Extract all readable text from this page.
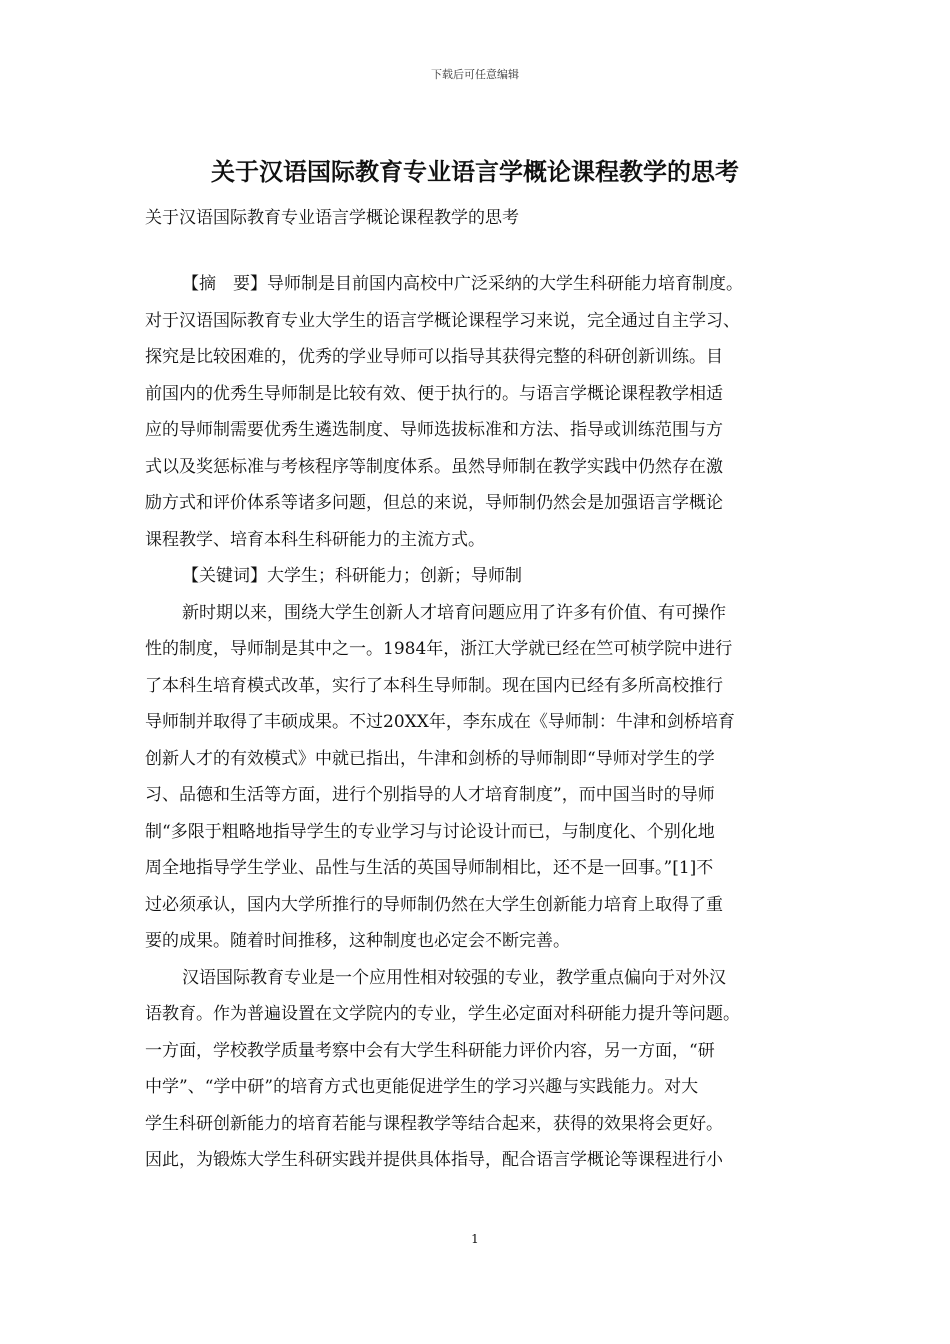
下载后可任意编辑
关于汉语国际教育专业语言学概论课程教学的思考
关于汉语国际教育专业语言学概论课程教学的思考
【摘　要】导师制是目前国内高校中广泛采纳的大学生科研能力培育制度。
对于汉语国际教育专业大学生的语言学概论课程学习来说，完全通过自主学习、
探究是比较困难的，优秀的学业导师可以指导其获得完整的科研创新训练。目
前国内的优秀生导师制是比较有效、便于执行的。与语言学概论课程教学相适
应的导师制需要优秀生遴选制度、导师选拔标准和方法、指导或训练范围与方
式以及奖惩标准与考核程序等制度体系。虽然导师制在教学实践中仍然存在激
励方式和评价体系等诸多问题，但总的来说，导师制仍然会是加强语言学概论
课程教学、培育本科生科研能力的主流方式。
【关键词】大学生；科研能力；创新；导师制
新时期以来，围绕大学生创新人才培育问题应用了许多有价值、有可操作
性的制度，导师制是其中之一。1984年，浙江大学就已经在竺可桢学院中进行
了本科生培育模式改革，实行了本科生导师制。现在国内已经有多所高校推行
导师制并取得了丰硕成果。不过20XX年，李东成在《导师制：牛津和剑桥培育
创新人才的有效模式》中就已指出，牛津和剑桥的导师制即“导师对学生的学
习、品德和生活等方面，进行个别指导的人才培育制度”，而中国当时的导师
制“多限于粗略地指导学生的专业学习与讨论设计而已，与制度化、个别化地
周全地指导学生学业、品性与生活的英国导师制相比，还不是一回事。”[1]不
过必须承认，国内大学所推行的导师制仍然在大学生创新能力培育上取得了重
要的成果。随着时间推移，这种制度也必定会不断完善。
汉语国际教育专业是一个应用性相对较强的专业，教学重点偏向于对外汉
语教育。作为普遍设置在文学院内的专业，学生必定面对科研能力提升等问题。
一方面，学校教学质量考察中会有大学生科研能力评价内容，另一方面，“研
中学”、“学中研”的培育方式也更能促进学生的学习兴趣与实践能力。对大
学生科研创新能力的培育若能与课程教学等结合起来，获得的效果将会更好。
因此，为锻炼大学生科研实践并提供具体指导，配合语言学概论等课程进行小
1
